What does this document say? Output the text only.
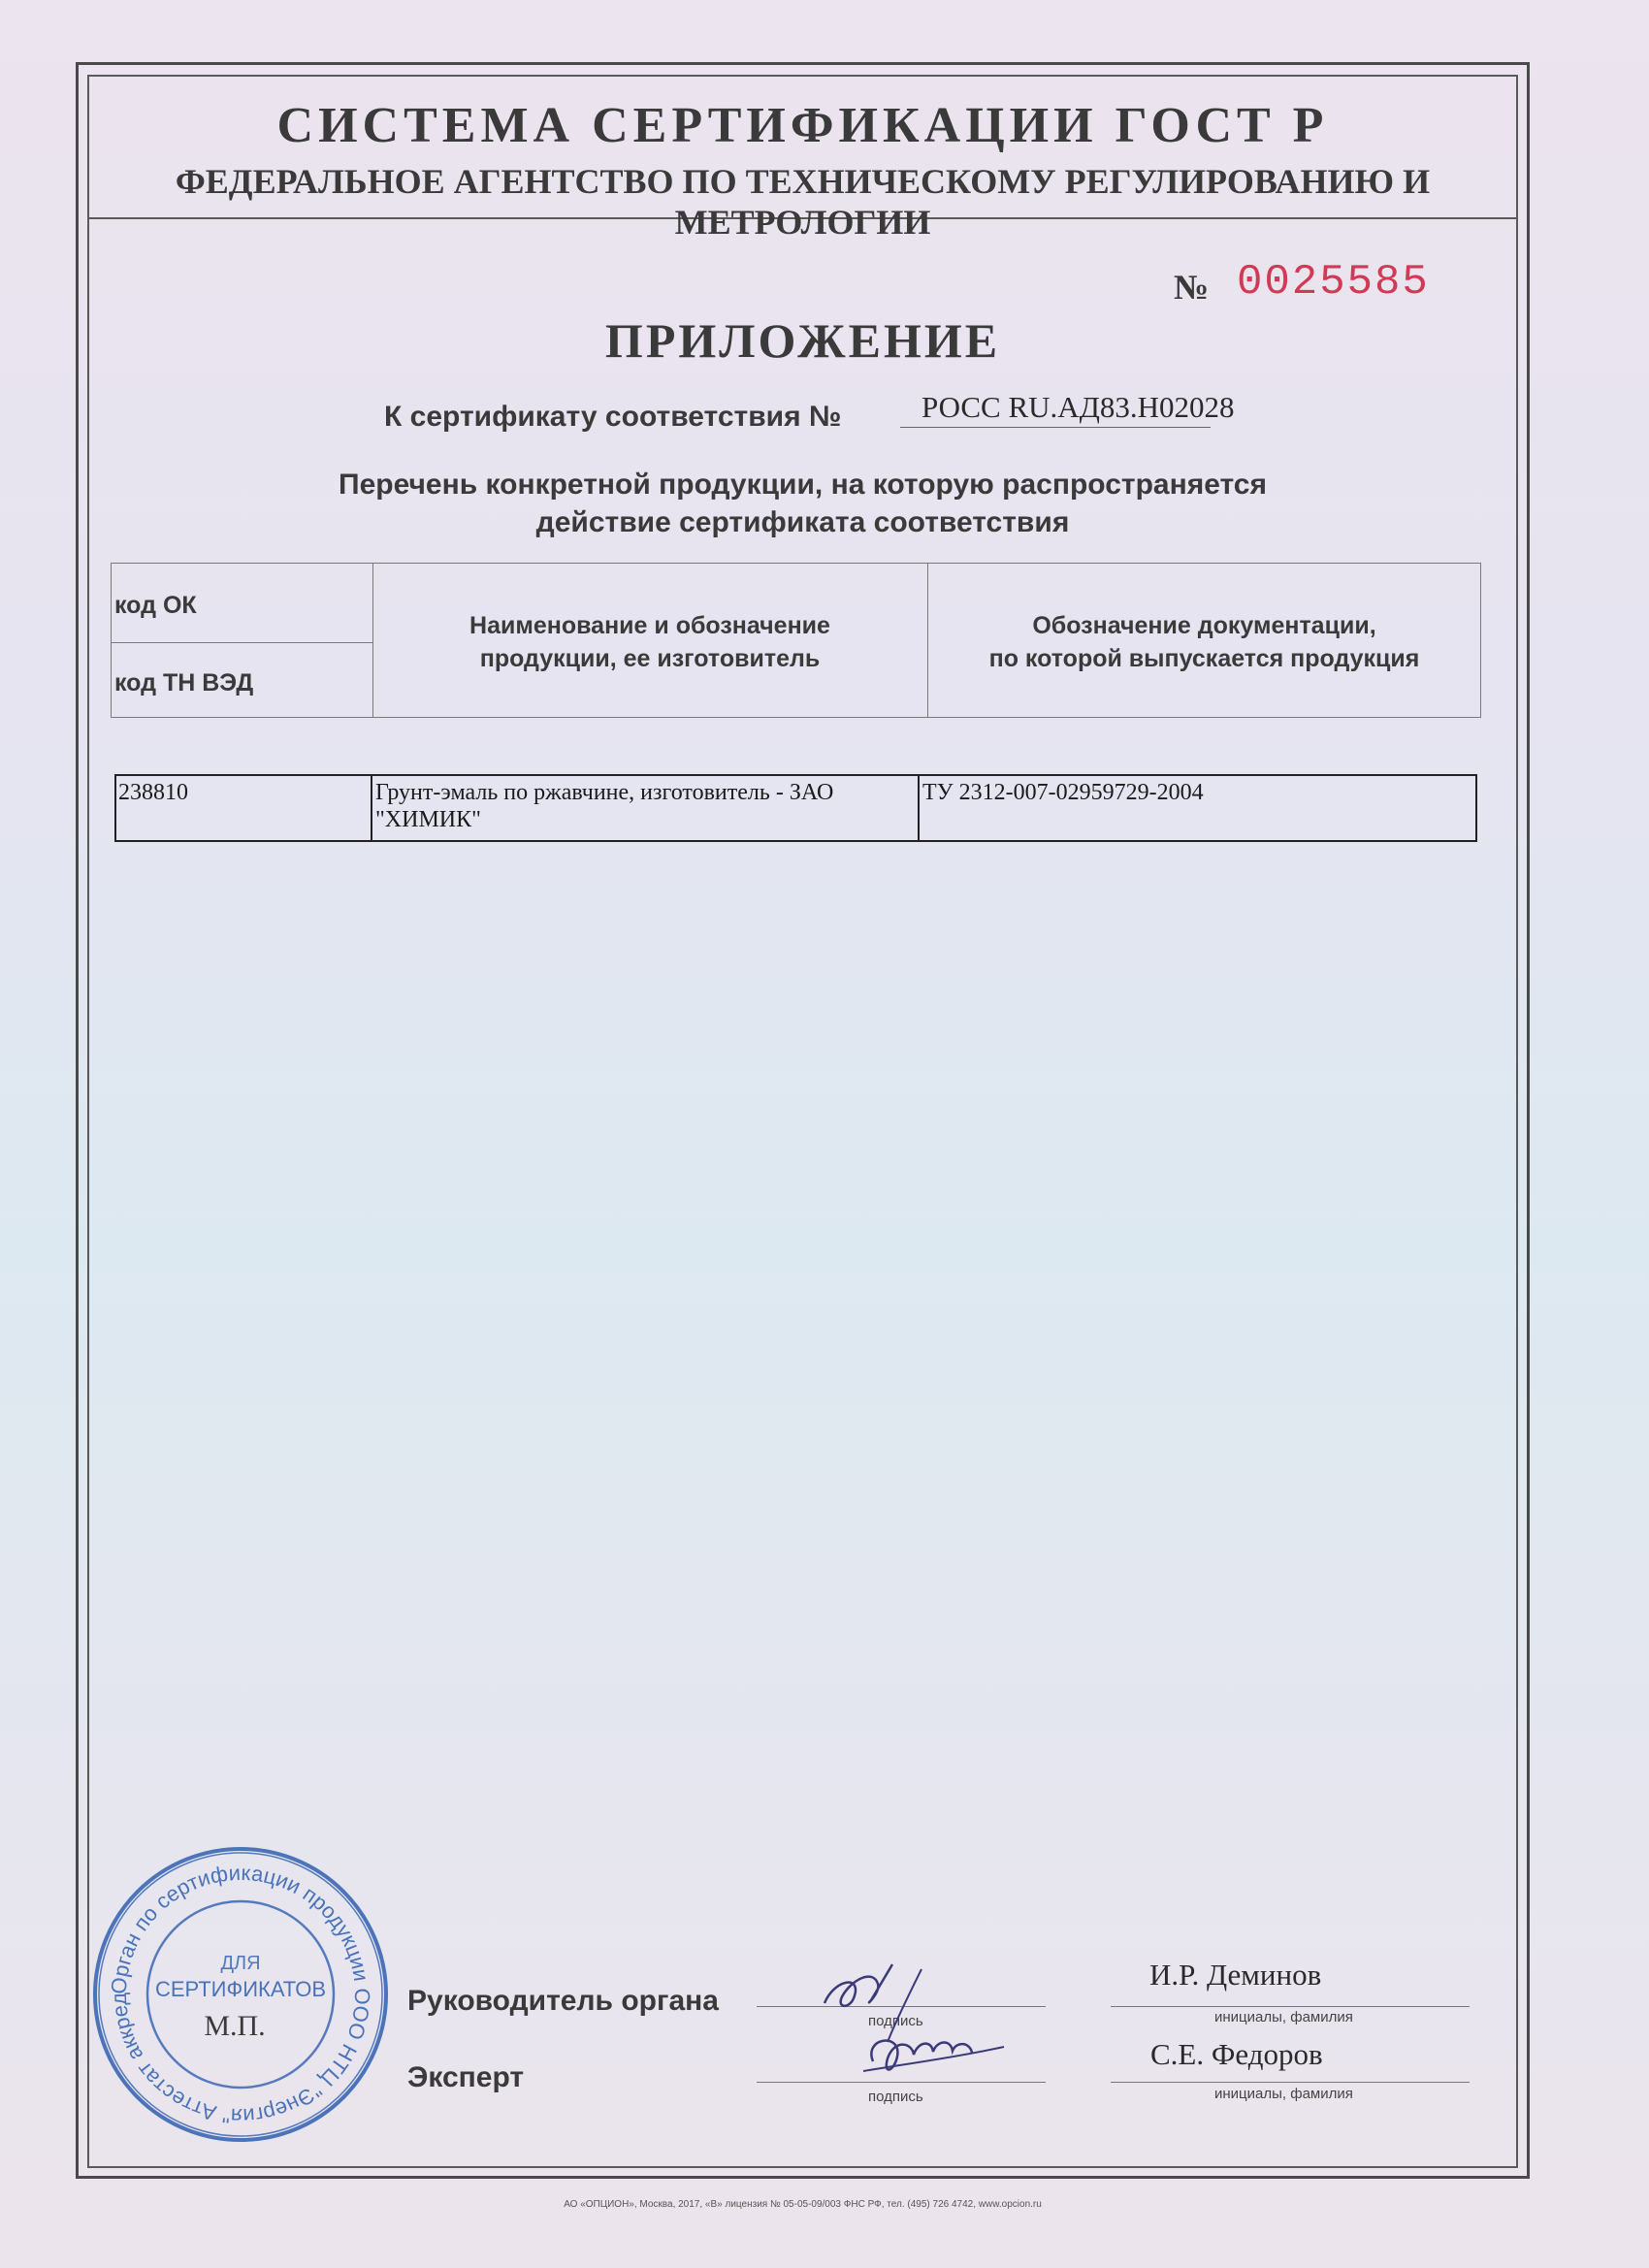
СИСТЕМА СЕРТИФИКАЦИИ ГОСТ Р
ФЕДЕРАЛЬНОЕ АГЕНТСТВО ПО ТЕХНИЧЕСКОМУ РЕГУЛИРОВАНИЮ И МЕТРОЛОГИИ
№ 0025585
ПРИЛОЖЕНИЕ
К сертификату соответствия №	РОСС RU.АД83.Н02028
Перечень конкретной продукции, на которую распространяется
действие сертификата соответствия
код ОК
код ТН ВЭД
Наименование и обозначение
продукции, ее изготовитель
Обозначение документации,
по которой выпускается продукция
238810	Грунт-эмаль по ржавчине, изготовитель - ЗАО
"ХИМИК"
ТУ 2312-007-02959729-2004
Орган по сертификации продукции ООО НТЦ "Энергия" Аттестат аккред
ДЛЯ
СЕРТИФИКАТОВ
М.П.
Руководитель органа
Эксперт
подпись
подпись
И.Р. Деминов
С.Е. Федоров
инициалы, фамилия
инициалы, фамилия
АО «ОПЦИОН», Москва, 2017, «В» лицензия № 05-05-09/003 ФНС РФ, тел. (495) 726 4742, www.opcion.ru
